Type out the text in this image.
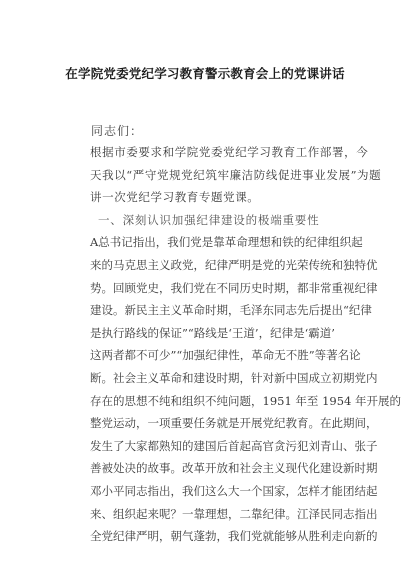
在学院党委党纪学习教育警示教育会上的党课讲话
同志们：
根据市委要求和学院党委党纪学习教育工作部署，今
天我以“严守党规党纪筑牢廉洁防线促进事业发展”为题
讲一次党纪学习教育专题党课。
一、深刻认识加强纪律建设的极端重要性
A总书记指出，我们党是靠革命理想和铁的纪律组织起
来的马克思主义政党，纪律严明是党的光荣传统和独特优
势。回顾党史，我们党在不同历史时期，都非常重视纪律
建设。新民主主义革命时期，毛泽东同志先后提出“纪律
是执行路线的保证”“路线是‘王道’，纪律是‘霸道’
这两者都不可少”“加强纪律性，革命无不胜”等著名论
断。社会主义革命和建设时期，针对新中国成立初期党内
存在的思想不纯和组织不纯问题，1951 年至 1954 年开展的
整党运动，一项重要任务就是开展党纪教育。在此期间，
发生了大家都熟知的建国后首起高官贪污犯刘青山、张子
善被处决的故事。改革开放和社会主义现代化建设新时期
邓小平同志指出，我们这么大一个国家，怎样才能团结起
来、组织起来呢？一靠理想，二靠纪律。江泽民同志指出
全党纪律严明，朝气蓬勃，我们党就能够从胜利走向新的
